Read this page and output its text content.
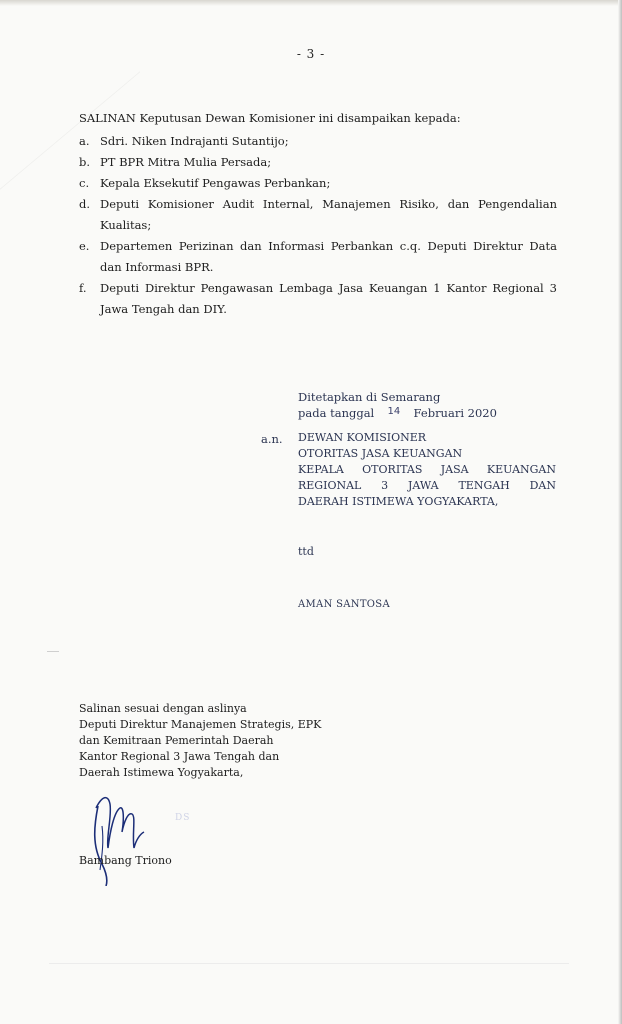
- 3 -
SALINAN Keputusan Dewan Komisioner ini disampaikan kepada:
a. Sdri. Niken Indrajanti Sutantijo;
b. PT BPR Mitra Mulia Persada;
c. Kepala Eksekutif Pengawas Perbankan;
d. Deputi Komisioner Audit Internal, Manajemen Risiko, dan Pengendalian
Kualitas;
e. Departemen Perizinan dan Informasi Perbankan c.q. Deputi Direktur Data
dan Informasi BPR.
f. Deputi Direktur Pengawasan Lembaga Jasa Keuangan 1 Kantor Regional 3
Jawa Tengah dan DIY.
Ditetapkan di Semarang
pada tanggal 14 Februari 2020
a.n. DEWAN KOMISIONER
OTORITAS JASA KEUANGAN
KEPALA OTORITAS JASA KEUANGAN
REGIONAL 3 JAWA TENGAH DAN
DAERAH ISTIMEWA YOGYAKARTA,
ttd
AMAN SANTOSA
Salinan sesuai dengan aslinya
Deputi Direktur Manajemen Strategis, EPK
dan Kemitraan Pemerintah Daerah
Kantor Regional 3 Jawa Tengah dan
Daerah Istimewa Yogyakarta,
DS
Bambang Triono
